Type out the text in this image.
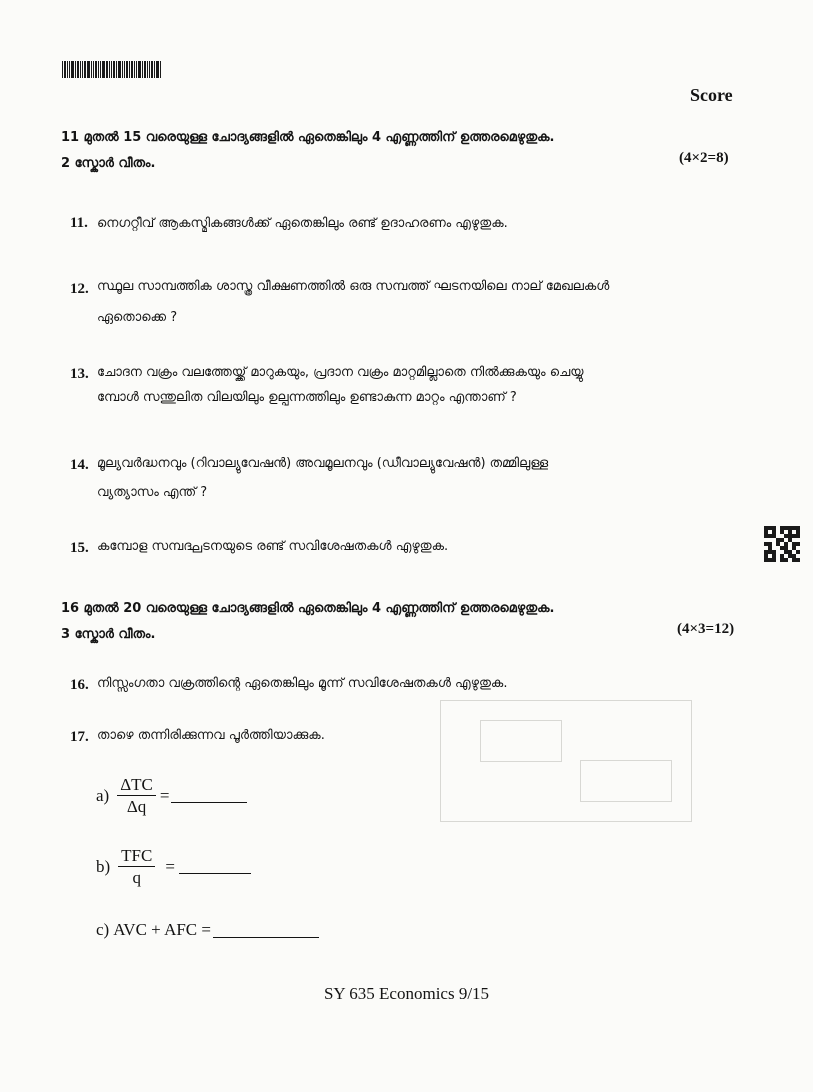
Score
11 മുതൽ 15 വരെയുള്ള ചോദ്യങ്ങളിൽ ഏതെങ്കിലും 4 എണ്ണത്തിന് ഉത്തരമെഴുതുക.
2 സ്കോർ വീതം.	(4×2=8)
11. നെഗറ്റീവ് ആകസ്മികങ്ങൾക്ക് ഏതെങ്കിലും രണ്ട് ഉദാഹരണം എഴുതുക.
12. സ്ഥൂല സാമ്പത്തിക ശാസ്ത്ര വീക്ഷണത്തിൽ ഒരു സമ്പത്ത് ഘടനയിലെ നാല് മേഖലകൾ
ഏതൊക്കെ ?
13. ചോദന വക്രം വലത്തേയ്ക്ക് മാറുകയും, പ്രദാന വക്രം മാറ്റമില്ലാതെ നിൽക്കുകയും ചെയ്യു
മ്പോൾ സന്തുലിത വിലയിലും ഉല്പന്നത്തിലും ഉണ്ടാകുന്ന മാറ്റം എന്താണ് ?
14. മൂല്യവർദ്ധനവും (റിവാല്യുവേഷൻ) അവമൂലനവും (ഡീവാല്യുവേഷൻ) തമ്മിലുള്ള
വ്യത്യാസം എന്ത് ?
15. കമ്പോള സമ്പദ്ഘടനയുടെ രണ്ട് സവിശേഷതകൾ എഴുതുക.
16 മുതൽ 20 വരെയുള്ള ചോദ്യങ്ങളിൽ ഏതെങ്കിലും 4 എണ്ണത്തിന് ഉത്തരമെഴുതുക.
3 സ്കോർ വീതം.	(4×3=12)
16. നിസ്സംഗതാ വക്രത്തിന്റെ ഏതെങ്കിലും മൂന്ന് സവിശേഷതകൾ എഴുതുക.
17. താഴെ തന്നിരിക്കുന്നവ പൂർത്തിയാക്കുക.
$a) \frac{\text{ΔTC}}{\Delta q}$ =
$b) \frac{\text{TFC}}{q}$ =
c) AVC + AFC =
SY 635 Economics 9/15
